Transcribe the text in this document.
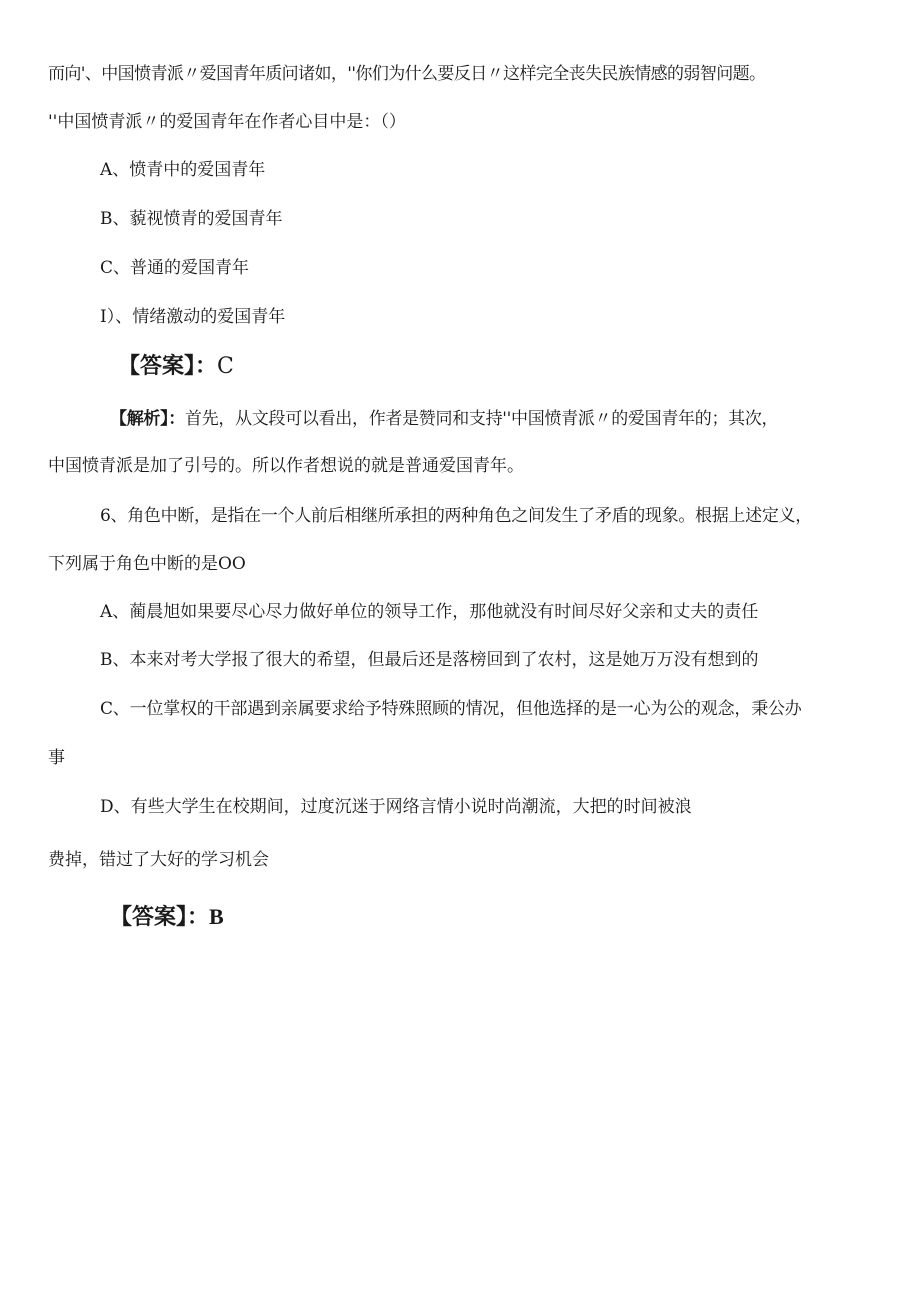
而向'、中国愤青派〃爱国青年质问诸如，''你们为什么要反日〃这样完全丧失民族情感的弱智问题。
''中国愤青派〃的爱国青年在作者心目中是：（）
A、愤青中的爱国青年
B、藐视愤青的爱国青年
C、普通的爱国青年
I）、情绪激动的爱国青年
【答案】：C
【解析】：首先，从文段可以看出，作者是赞同和支持''中国愤青派〃的爱国青年的；其次，
中国愤青派是加了引号的。所以作者想说的就是普通爱国青年。
6、角色中断，是指在一个人前后相继所承担的两种角色之间发生了矛盾的现象。根据上述定义，
下列属于角色中断的是OO
A、蔺晨旭如果要尽心尽力做好单位的领导工作，那他就没有时间尽好父亲和丈夫的责任
B、本来对考大学报了很大的希望，但最后还是落榜回到了农村，这是她万万没有想到的
C、一位掌权的干部遇到亲属要求给予特殊照顾的情况，但他选择的是一心为公的观念，秉公办
事
D、有些大学生在校期间，过度沉迷于网络言情小说时尚潮流，大把的时间被浪
费掉，错过了大好的学习机会
【答案】：B
